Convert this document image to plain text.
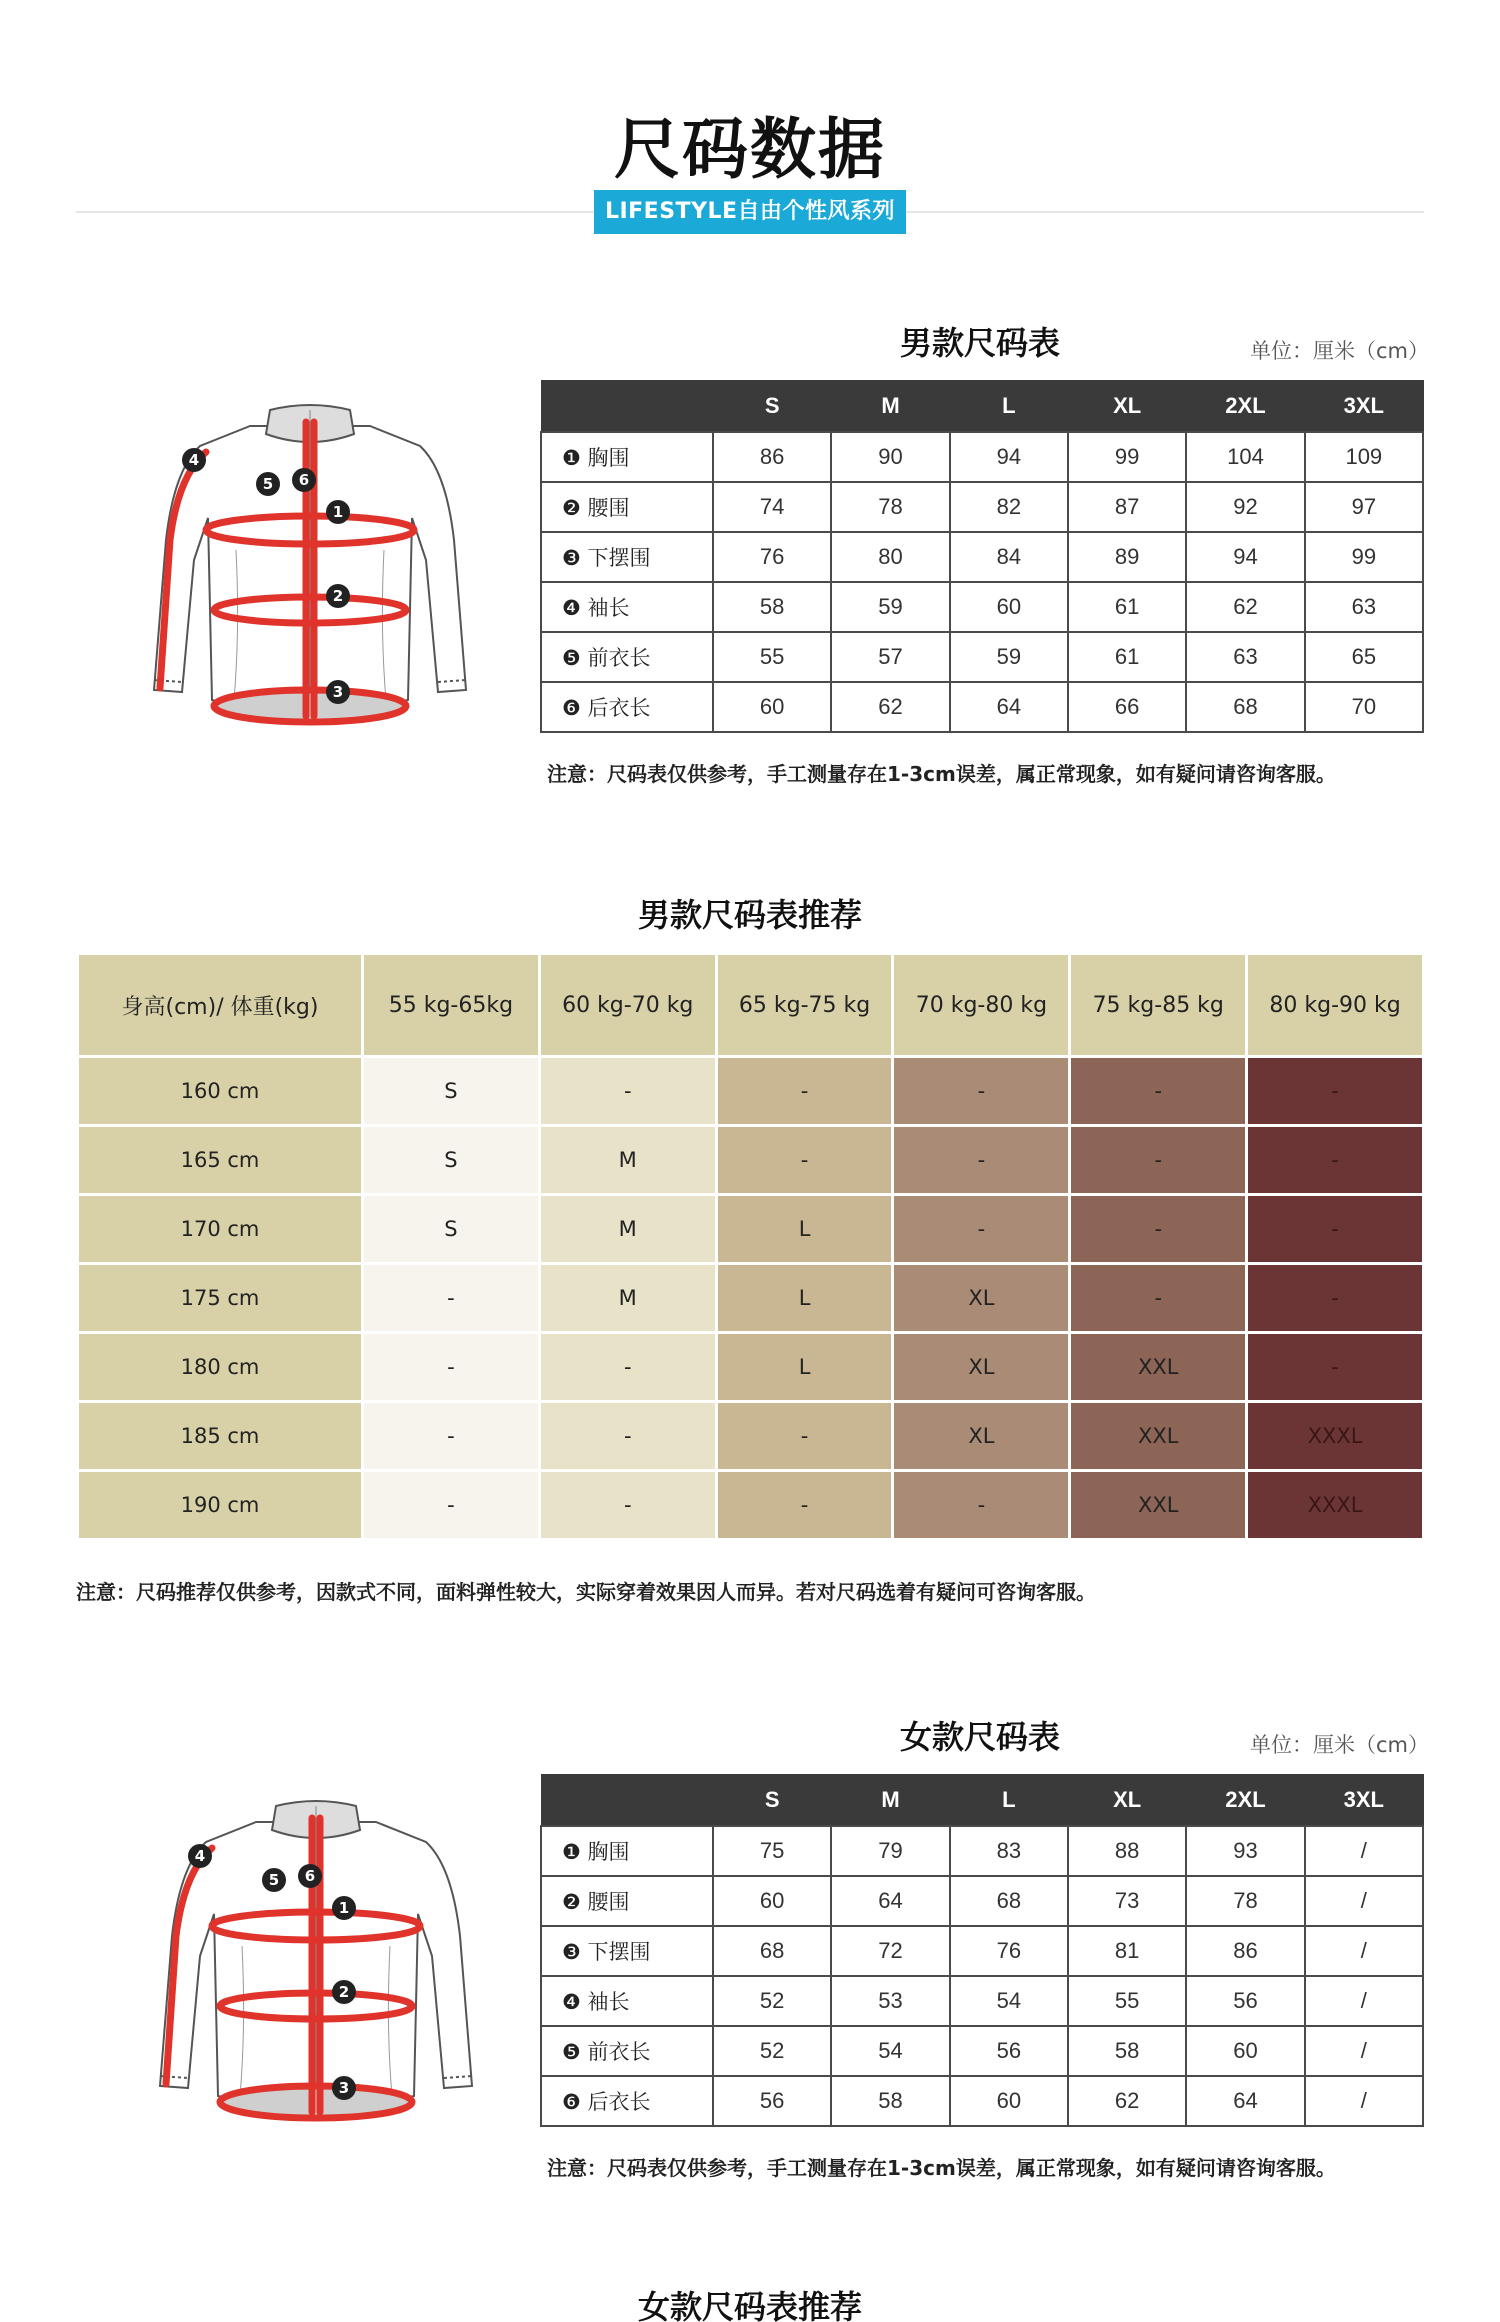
尺码数据
LIFESTYLE自由个性风系列
男款尺码表	单位：厘米（cm）
4
5 6
1
2
3
	S	M	L	XL	2XL	3XL
❶ 胸围	86	90	94	99	104	109
❷ 腰围	74	78	82	87	92	97
❸ 下摆围	76	80	84	89	94	99
❹ 袖长	58	59	60	61	62	63
❺ 前衣长	55	57	59	61	63	65
❻ 后衣长	60	62	64	66	68	70
注意：尺码表仅供参考，手工测量存在1-3cm误差，属正常现象，如有疑问请咨询客服。
男款尺码表推荐
身高(cm)/ 体重(kg)	55 kg-65kg	60 kg-70 kg	65 kg-75 kg	70 kg-80 kg	75 kg-85 kg	80 kg-90 kg
160 cm	S	-	-	-	-	-
165 cm	S	M	-	-	-	-
170 cm	S	M	L	-	-	-
175 cm	-	M	L	XL	-	-
180 cm	-	-	L	XL	XXL	-
185 cm	-	-	-	XL	XXL	XXXL
190 cm	-	-	-	-	XXL	XXXL
注意：尺码推荐仅供参考，因款式不同，面料弹性较大，实际穿着效果因人而异。若对尺码选着有疑问可咨询客服。
女款尺码表	单位：厘米（cm）
4
5 6
1
2
3
	S	M	L	XL	2XL	3XL
❶ 胸围	75	79	83	88	93	/
❷ 腰围	60	64	68	73	78	/
❸ 下摆围	68	72	76	81	86	/
❹ 袖长	52	53	54	55	56	/
❺ 前衣长	52	54	56	58	60	/
❻ 后衣长	56	58	60	62	64	/
注意：尺码表仅供参考，手工测量存在1-3cm误差，属正常现象，如有疑问请咨询客服。
女款尺码表推荐
